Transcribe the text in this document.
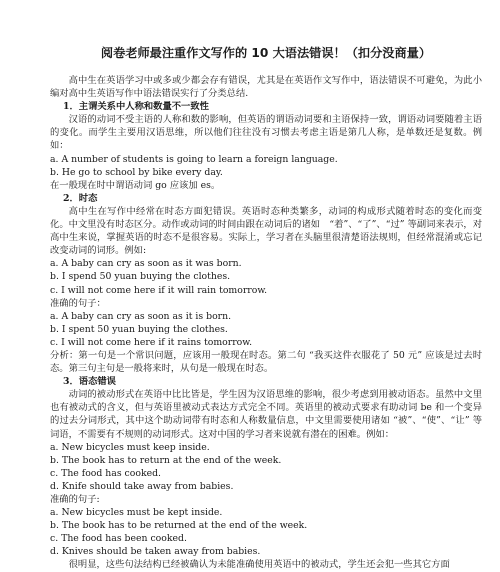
阅卷老师最注重作文写作的 10 大语法错误！（扣分没商量）

高中生在英语学习中或多或少都会存有错误，尤其是在英语作文写作中，语法错误不可避免，为此小编对高中生英语写作中语法错误实行了分类总结.

1．主谓关系中人称和数量不一致性

汉语的动词不受主语的人称和数的影响，但英语的谓语动词要和主语保持一致，谓语动词要随着主语的变化。而学生主要用汉语思维，所以他们往往没有习惯去考虑主语是第几人称，是单数还是复数。例如：

a. A number of students is going to learn a foreign language.

b. He go to school by bike every day.

在一般现在时中谓语动词 go 应该加 es。

2．时态

高中生在写作中经常在时态方面犯错误。英语时态种类繁多，动词的构成形式随着时态的变化而变化。中文里没有时态区分。动作或动词的时间由跟在动词后的诸如　“着”、“了”、“过” 等副词来表示，对高中生来说，掌握英语的时态不是很容易。实际上，学习者在头脑里很清楚语法规则，但经常混淆或忘记改变动词的词形。例如:

a. A baby can cry as soon as it was born.

b. I spend 50 yuan buying the clothes.

c. I will not come here if it will rain tomorrow.

准确的句子：

a. A baby can cry as soon as it is born.

b. I spent 50 yuan buying the clothes.

c. I will not come here if it rains tomorrow.

分析：第一句是一个常识问题，应该用一般现在时态。第二句 “我买这件衣服花了 50 元” 应该是过去时态。第三句主句是一般将来时，从句是一般现在时态。

3．语态错误

动词的被动形式在英语中比比皆是，学生因为汉语思维的影响，很少考虑到用被动语态。虽然中文里也有被动式的含义，但与英语里被动式表达方式完全不同。英语里的被动式要求有助动词 be 和一个变异的过去分词形式，其中这个助动词带有时态和人称数量信息，中文里需要使用诸如 “被”、“使”、“让” 等词语，不需要有不规则的动词形式。这对中国的学习者来说就有潜在的困难。例如：

a. New bicycles must keep inside.

b. The book has to return at the end of the week.

c. The food has cooked.

d. Knife should take away from babies.

准确的句子:

a. New bicycles must be kept inside.

b. The book has to be returned at the end of the week.

c. The food has been cooked.

d. Knives should be taken away from babies.

很明显，这些句法结构已经被确认为未能准确使用英语中的被动式，学生还会犯一些其它方面
